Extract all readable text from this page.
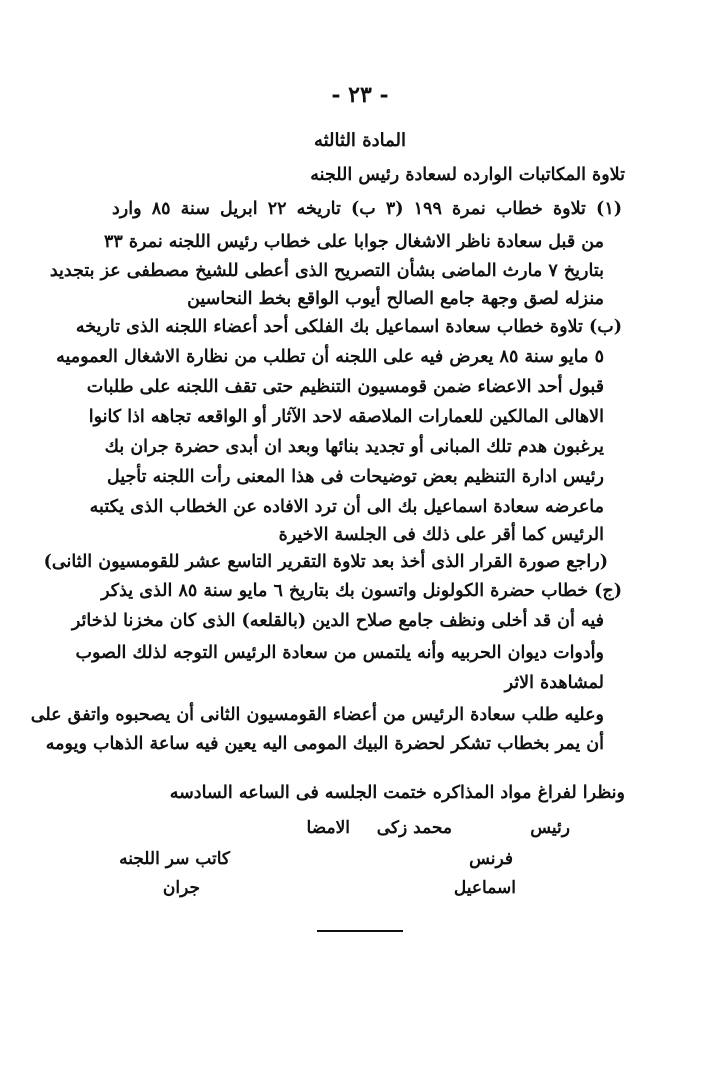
- ٢٣ -
المادة الثالثه
تلاوة المكاتبات الوارده لسعادة رئيس اللجنه
(١) تلاوة خطاب نمرة ١٩٩ (٣ ب) تاريخه ٢٢ ابريل سنة ٨٥ وارد
من قبل سعادة ناظر الاشغال جوابا على خطاب رئيس اللجنه نمرة ٣٣
بتاريخ ٧ مارث الماضى بشأن التصريح الذى أعطى للشيخ مصطفى عز بتجديد
منزله لصق وجهة جامع الصالح أيوب الواقع بخط النحاسين
(ب) تلاوة خطاب سعادة اسماعيل بك الفلكى أحد أعضاء اللجنه الذى تاريخه
٥ مايو سنة ٨٥ يعرض فيه على اللجنه أن تطلب من نظارة الاشغال العموميه
قبول أحد الاعضاء ضمن قومسيون التنظيم حتى تقف اللجنه على طلبات
الاهالى المالكين للعمارات الملاصقه لاحد الآثار أو الواقعه تجاهه اذا كانوا
يرغبون هدم تلك المبانى أو تجديد بنائها وبعد ان أبدى حضرة جران بك
رئيس ادارة التنظيم بعض توضيحات فى هذا المعنى رأت اللجنه تأجيل
ماعرضه سعادة اسماعيل بك الى أن ترد الافاده عن الخطاب الذى يكتبه
الرئيس كما أقر على ذلك فى الجلسة الاخيرة
(راجع صورة القرار الذى أخذ بعد تلاوة التقرير التاسع عشر للقومسيون الثانى)
(ج) خطاب حضرة الكولونل واتسون بك بتاريخ ٦ مايو سنة ٨٥ الذى يذكر
فيه أن قد أخلى ونظف جامع صلاح الدين (بالقلعه) الذى كان مخزنا لذخائر
وأدوات ديوان الحربيه وأنه يلتمس من سعادة الرئيس التوجه لذلك الصوب
لمشاهدة الاثر
وعليه طلب سعادة الرئيس من أعضاء القومسيون الثانى أن يصحبوه واتفق على
أن يمر بخطاب تشكر لحضرة البيك المومى اليه يعين فيه ساعة الذهاب ويومه
ونظرا لفراغ مواد المذاكره ختمت الجلسه فى الساعه السادسه
الامضا محمد زكى	رئيس
كاتب سر اللجنه	فرنس
جران	اسماعيل
